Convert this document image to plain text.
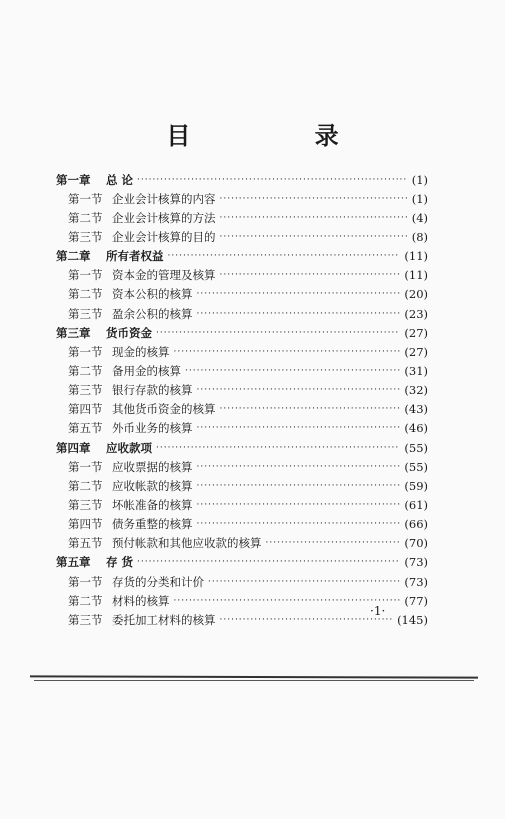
目 录
第一章	总 论 ·····	(1)
第一节 企业会计核算的内容 ·····	(1)
第二节 企业会计核算的方法 ·····	(4)
第三节 企业会计核算的目的 ·····	(8)
第二章	所有者权益 ·····	(11)
第一节 资本金的管理及核算 ·····	(11)
第二节 资本公积的核算 ·····	(20)
第三节 盈余公积的核算 ·····	(23)
第三章	货币资金 ·····	(27)
第一节 现金的核算 ·····	(27)
第二节 备用金的核算 ·····	(31)
第三节 银行存款的核算 ·····	(32)
第四节 其他货币资金的核算 ·····	(43)
第五节 外币业务的核算 ·····	(46)
第四章	应收款项 ·····	(55)
第一节 应收票据的核算 ·····	(55)
第二节 应收帐款的核算 ·····	(59)
第三节 坏帐准备的核算 ·····	(61)
第四节 债务重整的核算 ·····	(66)
第五节 预付帐款和其他应收款的核算 ·····	(70)
第五章	存 货 ·····	(73)
第一节 存货的分类和计价 ·····	(73)
第二节 材料的核算 ·····	(77)
第三节 委托加工材料的核算 ·····	(145)
·1·
